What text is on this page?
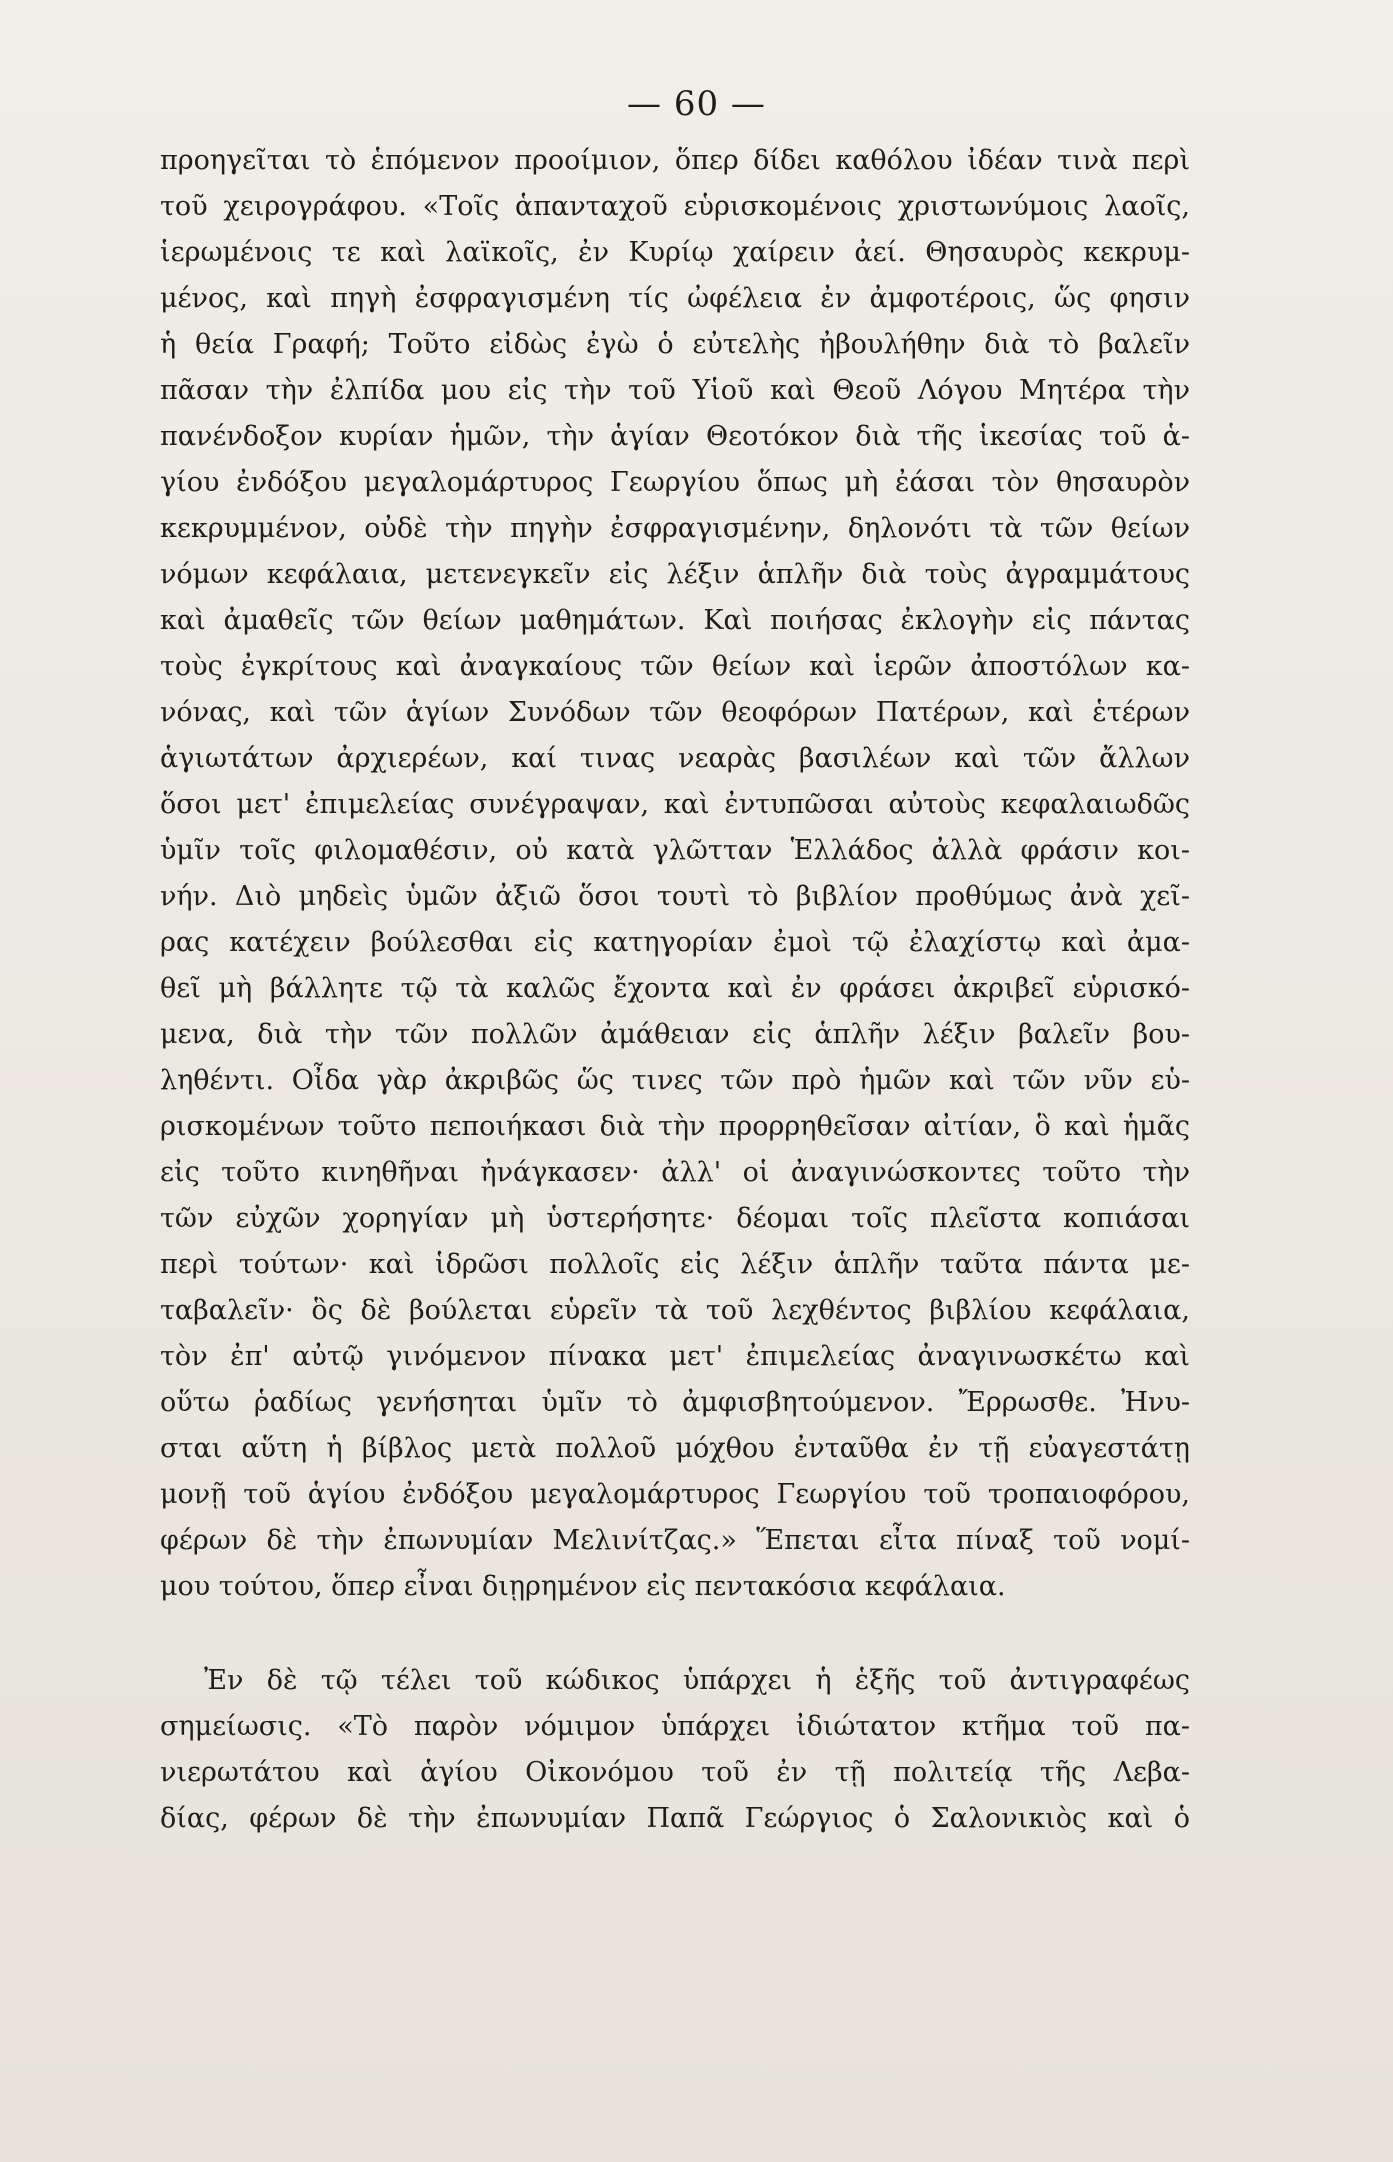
— 60 —
προηγεῖται τὸ ἑπόμενον προοίμιον, ὅπερ δίδει καθόλου ἰδέαν τινὰ περὶ
τοῦ χειρογράφου. «Τοῖς ἁπανταχοῦ εὑρισκομένοις χριστωνύμοις λαοῖς,
ἱερωμένοις τε καὶ λαϊκοῖς, ἐν Κυρίῳ χαίρειν ἀεί. Θησαυρὸς κεκρυμ-
μένος, καὶ πηγὴ ἐσφραγισμένη τίς ὠφέλεια ἐν ἀμφοτέροις, ὥς φησιν
ἡ θεία Γραφή; Τοῦτο εἰδὼς ἐγὼ ὁ εὐτελὴς ἠβουλήθην διὰ τὸ βαλεῖν
πᾶσαν τὴν ἐλπίδα μου εἰς τὴν τοῦ Υἱοῦ καὶ Θεοῦ Λόγου Μητέρα τὴν
πανένδοξον κυρίαν ἡμῶν, τὴν ἁγίαν Θεοτόκον διὰ τῆς ἱκεσίας τοῦ ἁ-
γίου ἐνδόξου μεγαλομάρτυρος Γεωργίου ὅπως μὴ ἐάσαι τὸν θησαυρὸν
κεκρυμμένον, οὐδὲ τὴν πηγὴν ἐσφραγισμένην, δηλονότι τὰ τῶν θείων
νόμων κεφάλαια, μετενεγκεῖν εἰς λέξιν ἁπλῆν διὰ τοὺς ἀγραμμάτους
καὶ ἀμαθεῖς τῶν θείων μαθημάτων. Καὶ ποιήσας ἐκλογὴν εἰς πάντας
τοὺς ἐγκρίτους καὶ ἀναγκαίους τῶν θείων καὶ ἱερῶν ἀποστόλων κα-
νόνας, καὶ τῶν ἁγίων Συνόδων τῶν θεοφόρων Πατέρων, καὶ ἑτέρων
ἁγιωτάτων ἀρχιερέων, καί τινας νεαρὰς βασιλέων καὶ τῶν ἄλλων
ὅσοι μετ' ἐπιμελείας συνέγραψαν, καὶ ἐντυπῶσαι αὐτοὺς κεφαλαιωδῶς
ὑμῖν τοῖς φιλομαθέσιν, οὐ κατὰ γλῶτταν Ἑλλάδος ἀλλὰ φράσιν κοι-
νήν. Διὸ μηδεὶς ὑμῶν ἀξιῶ ὅσοι τουτὶ τὸ βιβλίον προθύμως ἀνὰ χεῖ-
ρας κατέχειν βούλεσθαι εἰς κατηγορίαν ἐμοὶ τῷ ἐλαχίστῳ καὶ ἀμα-
θεῖ μὴ βάλλητε τῷ τὰ καλῶς ἔχοντα καὶ ἐν φράσει ἀκριβεῖ εὑρισκό-
μενα, διὰ τὴν τῶν πολλῶν ἀμάθειαν εἰς ἁπλῆν λέξιν βαλεῖν βου-
ληθέντι. Οἶδα γὰρ ἀκριβῶς ὥς τινες τῶν πρὸ ἡμῶν καὶ τῶν νῦν εὑ-
ρισκομένων τοῦτο πεποιήκασι διὰ τὴν προρρηθεῖσαν αἰτίαν, ὃ καὶ ἡμᾶς
εἰς τοῦτο κινηθῆναι ἠνάγκασεν· ἀλλ' οἱ ἀναγινώσκοντες τοῦτο τὴν
τῶν εὐχῶν χορηγίαν μὴ ὑστερήσητε· δέομαι τοῖς πλεῖστα κοπιάσαι
περὶ τούτων· καὶ ἱδρῶσι πολλοῖς εἰς λέξιν ἁπλῆν ταῦτα πάντα με-
ταβαλεῖν· ὃς δὲ βούλεται εὑρεῖν τὰ τοῦ λεχθέντος βιβλίου κεφάλαια,
τὸν ἐπ' αὐτῷ γινόμενον πίνακα μετ' ἐπιμελείας ἀναγινωσκέτω καὶ
οὕτω ῥαδίως γενήσηται ὑμῖν τὸ ἀμφισβητούμενον. Ἔρρωσθε. Ἠνυ-
σται αὕτη ἡ βίβλος μετὰ πολλοῦ μόχθου ἐνταῦθα ἐν τῇ εὐαγεστάτῃ
μονῇ τοῦ ἁγίου ἐνδόξου μεγαλομάρτυρος Γεωργίου τοῦ τροπαιοφόρου,
φέρων δὲ τὴν ἐπωνυμίαν Μελινίτζας.» Ἕπεται εἶτα πίναξ τοῦ νομί-
μου τούτου, ὅπερ εἶναι διῃρημένον εἰς πεντακόσια κεφάλαια.
Ἐν δὲ τῷ τέλει τοῦ κώδικος ὑπάρχει ἡ ἑξῆς τοῦ ἀντιγραφέως
σημείωσις. «Τὸ παρὸν νόμιμον ὑπάρχει ἰδιώτατον κτῆμα τοῦ πα-
νιερωτάτου καὶ ἁγίου Οἰκονόμου τοῦ ἐν τῇ πολιτείᾳ τῆς Λεβα-
δίας, φέρων δὲ τὴν ἐπωνυμίαν Παπᾶ Γεώργιος ὁ Σαλονικιὸς καὶ ὁ
